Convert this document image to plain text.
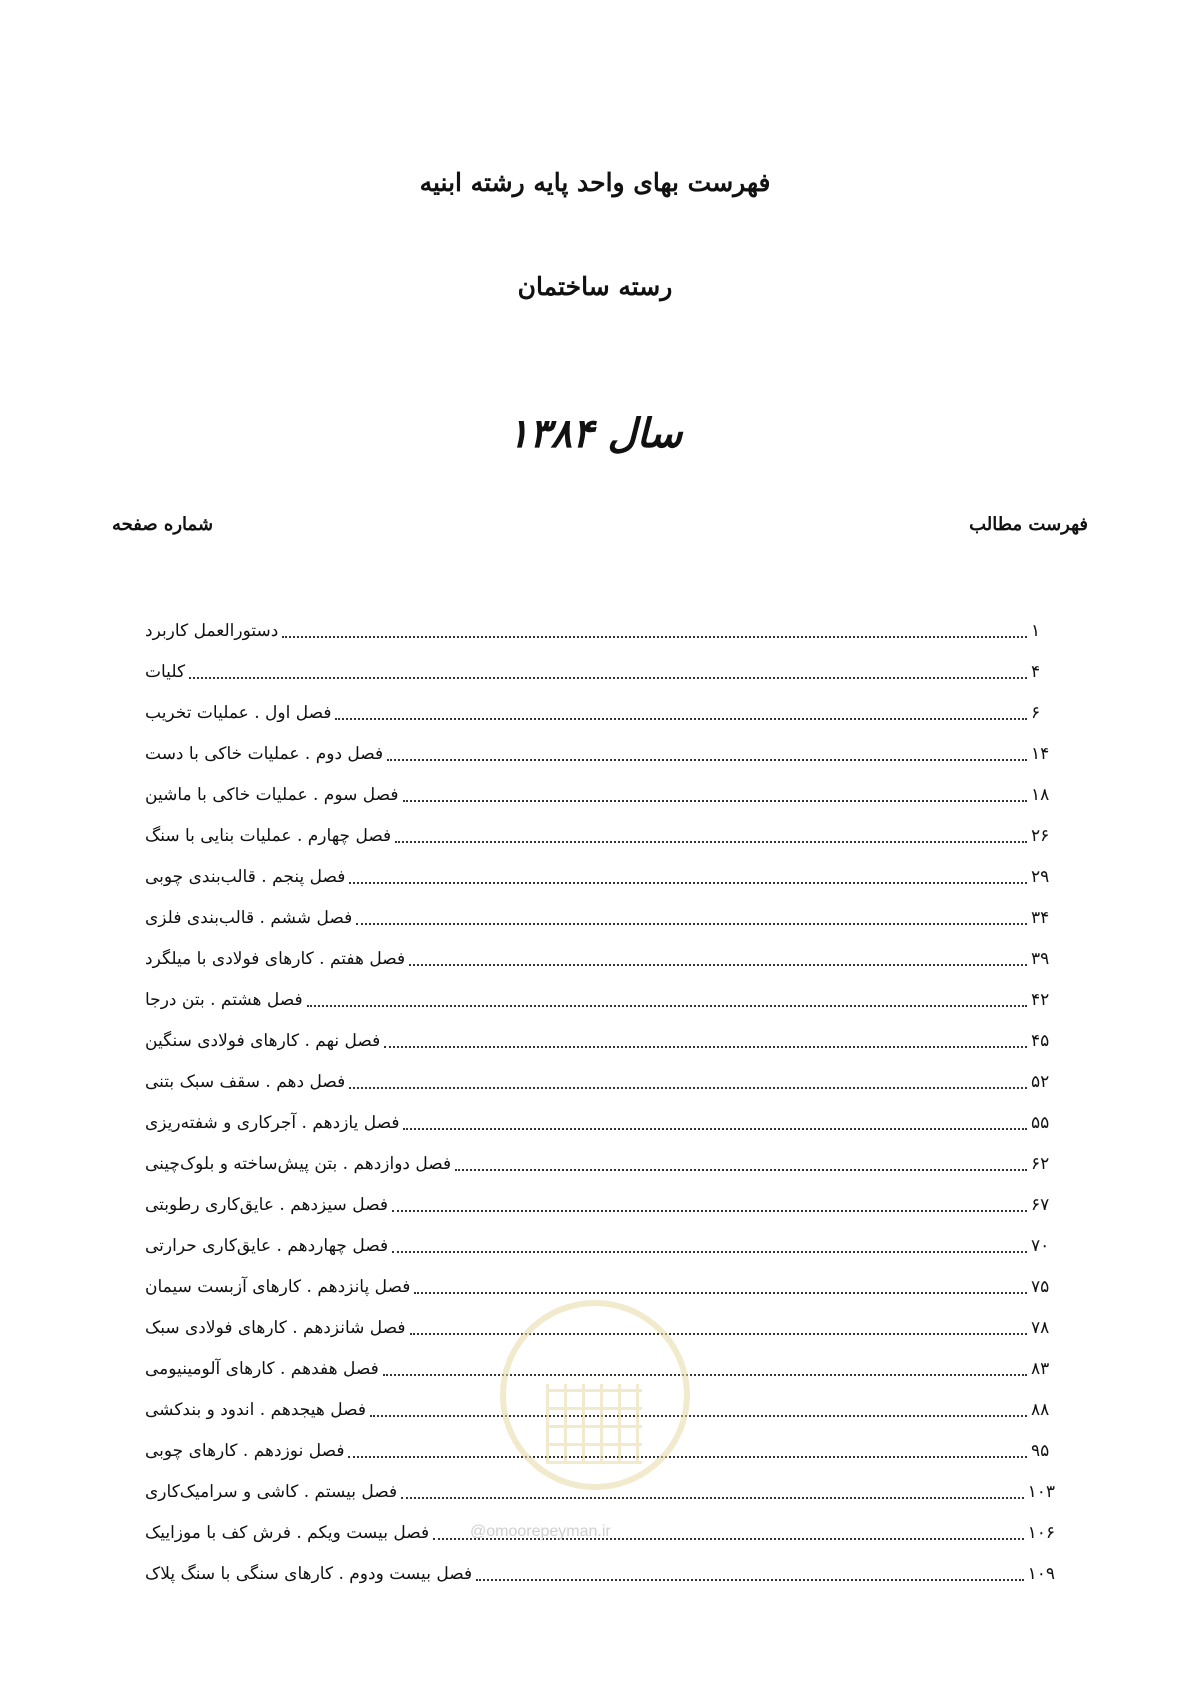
فهرست بهای واحد پایه رشته ابنیه
رسته ساختمان
سال ۱۳۸۴
فهرست مطالب
شماره صفحه
دستورالعمل کاربرد	۱
کلیات	۴
فصل اول . عملیات تخریب	۶
فصل دوم . عملیات خاکی با دست	۱۴
فصل سوم . عملیات خاکی با ماشین	۱۸
فصل چهارم . عملیات بنایی با سنگ	۲۶
فصل پنجم . قالب‌بندی چوبی	۲۹
فصل ششم . قالب‌بندی فلزی	۳۴
فصل هفتم . کارهای فولادی با میلگرد	۳۹
فصل هشتم . بتن درجا	۴۲
فصل نهم . کارهای فولادی سنگین	۴۵
فصل دهم . سقف سبک بتنی	۵۲
فصل یازدهم . آجرکاری و شفته‌ریزی	۵۵
فصل دوازدهم . بتن پیش‌ساخته و بلوک‌چینی	۶۲
فصل سیزدهم . عایق‌کاری رطوبتی	۶۷
فصل چهاردهم . عایق‌کاری حرارتی	۷۰
فصل پانزدهم . کارهای آزبست سیمان	۷۵
فصل شانزدهم . کارهای فولادی سبک	۷۸
فصل هفدهم . کارهای آلومینیومی	۸۳
فصل هیجدهم . اندود و بندکشی	۸۸
فصل نوزدهم . کارهای چوبی	۹۵
فصل بیستم . کاشی و سرامیک‌کاری	۱۰۳
فصل بیست ویکم . فرش کف با موزاییک	۱۰۶
فصل بیست ودوم . کارهای سنگی با سنگ پلاک	۱۰۹
@omoorepeyman.ir
